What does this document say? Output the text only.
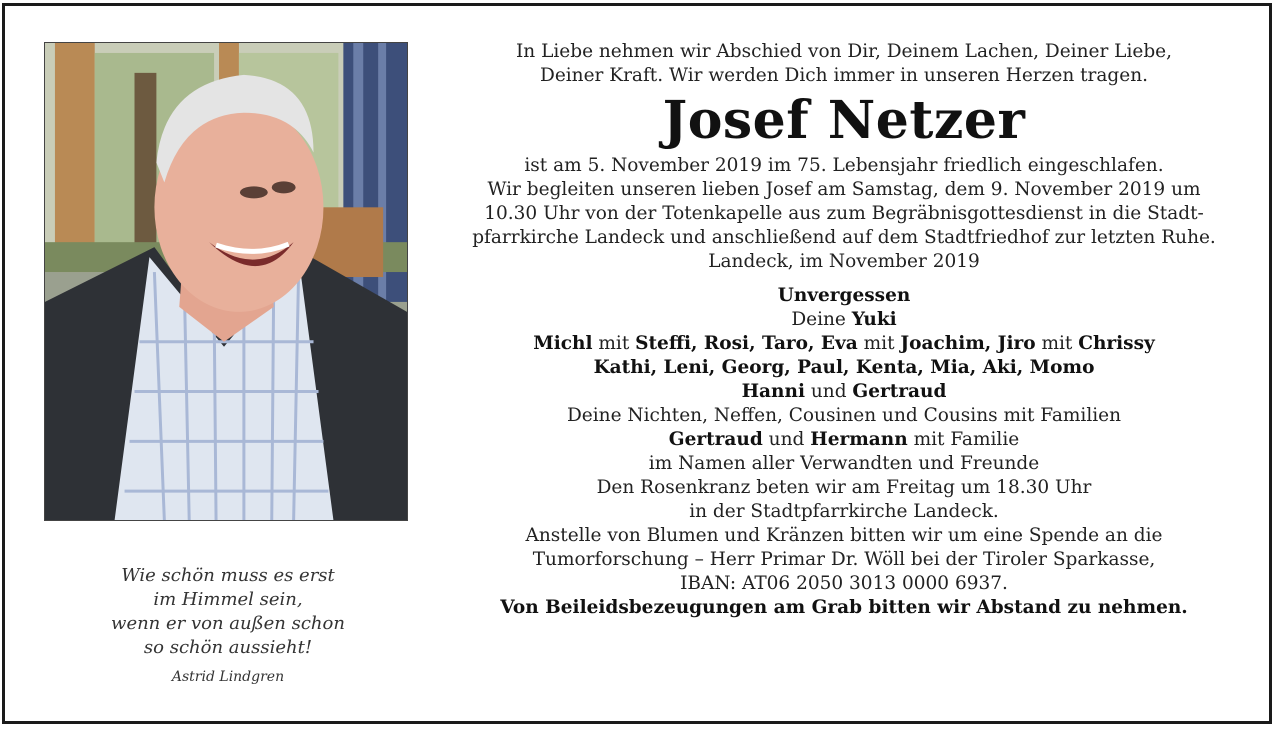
Wie schön muss es erst
im Himmel sein,
wenn er von außen schon
so schön aussieht!
Astrid Lindgren

In Liebe nehmen wir Abschied von Dir, Deinem Lachen, Deiner Liebe,
Deiner Kraft. Wir werden Dich immer in unseren Herzen tragen.

Josef Netzer

ist am 5. November 2019 im 75. Lebensjahr friedlich eingeschlafen.

Wir begleiten unseren lieben Josef am Samstag, dem 9. November 2019 um
10.30 Uhr von der Totenkapelle aus zum Begräbnisgottesdienst in die Stadt-
pfarrkirche Landeck und anschließend auf dem Stadtfriedhof zur letzten Ruhe.

Landeck, im November 2019

Unvergessen
Deine Yuki
Michl mit Steffi, Rosi, Taro, Eva mit Joachim, Jiro mit Chrissy
Kathi, Leni, Georg, Paul, Kenta, Mia, Aki, Momo
Hanni und Gertraud
Deine Nichten, Neffen, Cousinen und Cousins mit Familien
Gertraud und Hermann mit Familie
im Namen aller Verwandten und Freunde

Den Rosenkranz beten wir am Freitag um 18.30 Uhr
in der Stadtpfarrkirche Landeck.

Anstelle von Blumen und Kränzen bitten wir um eine Spende an die
Tumorforschung – Herr Primar Dr. Wöll bei der Tiroler Sparkasse,
IBAN: AT06 2050 3013 0000 6937.

Von Beileidsbezeugungen am Grab bitten wir Abstand zu nehmen.
